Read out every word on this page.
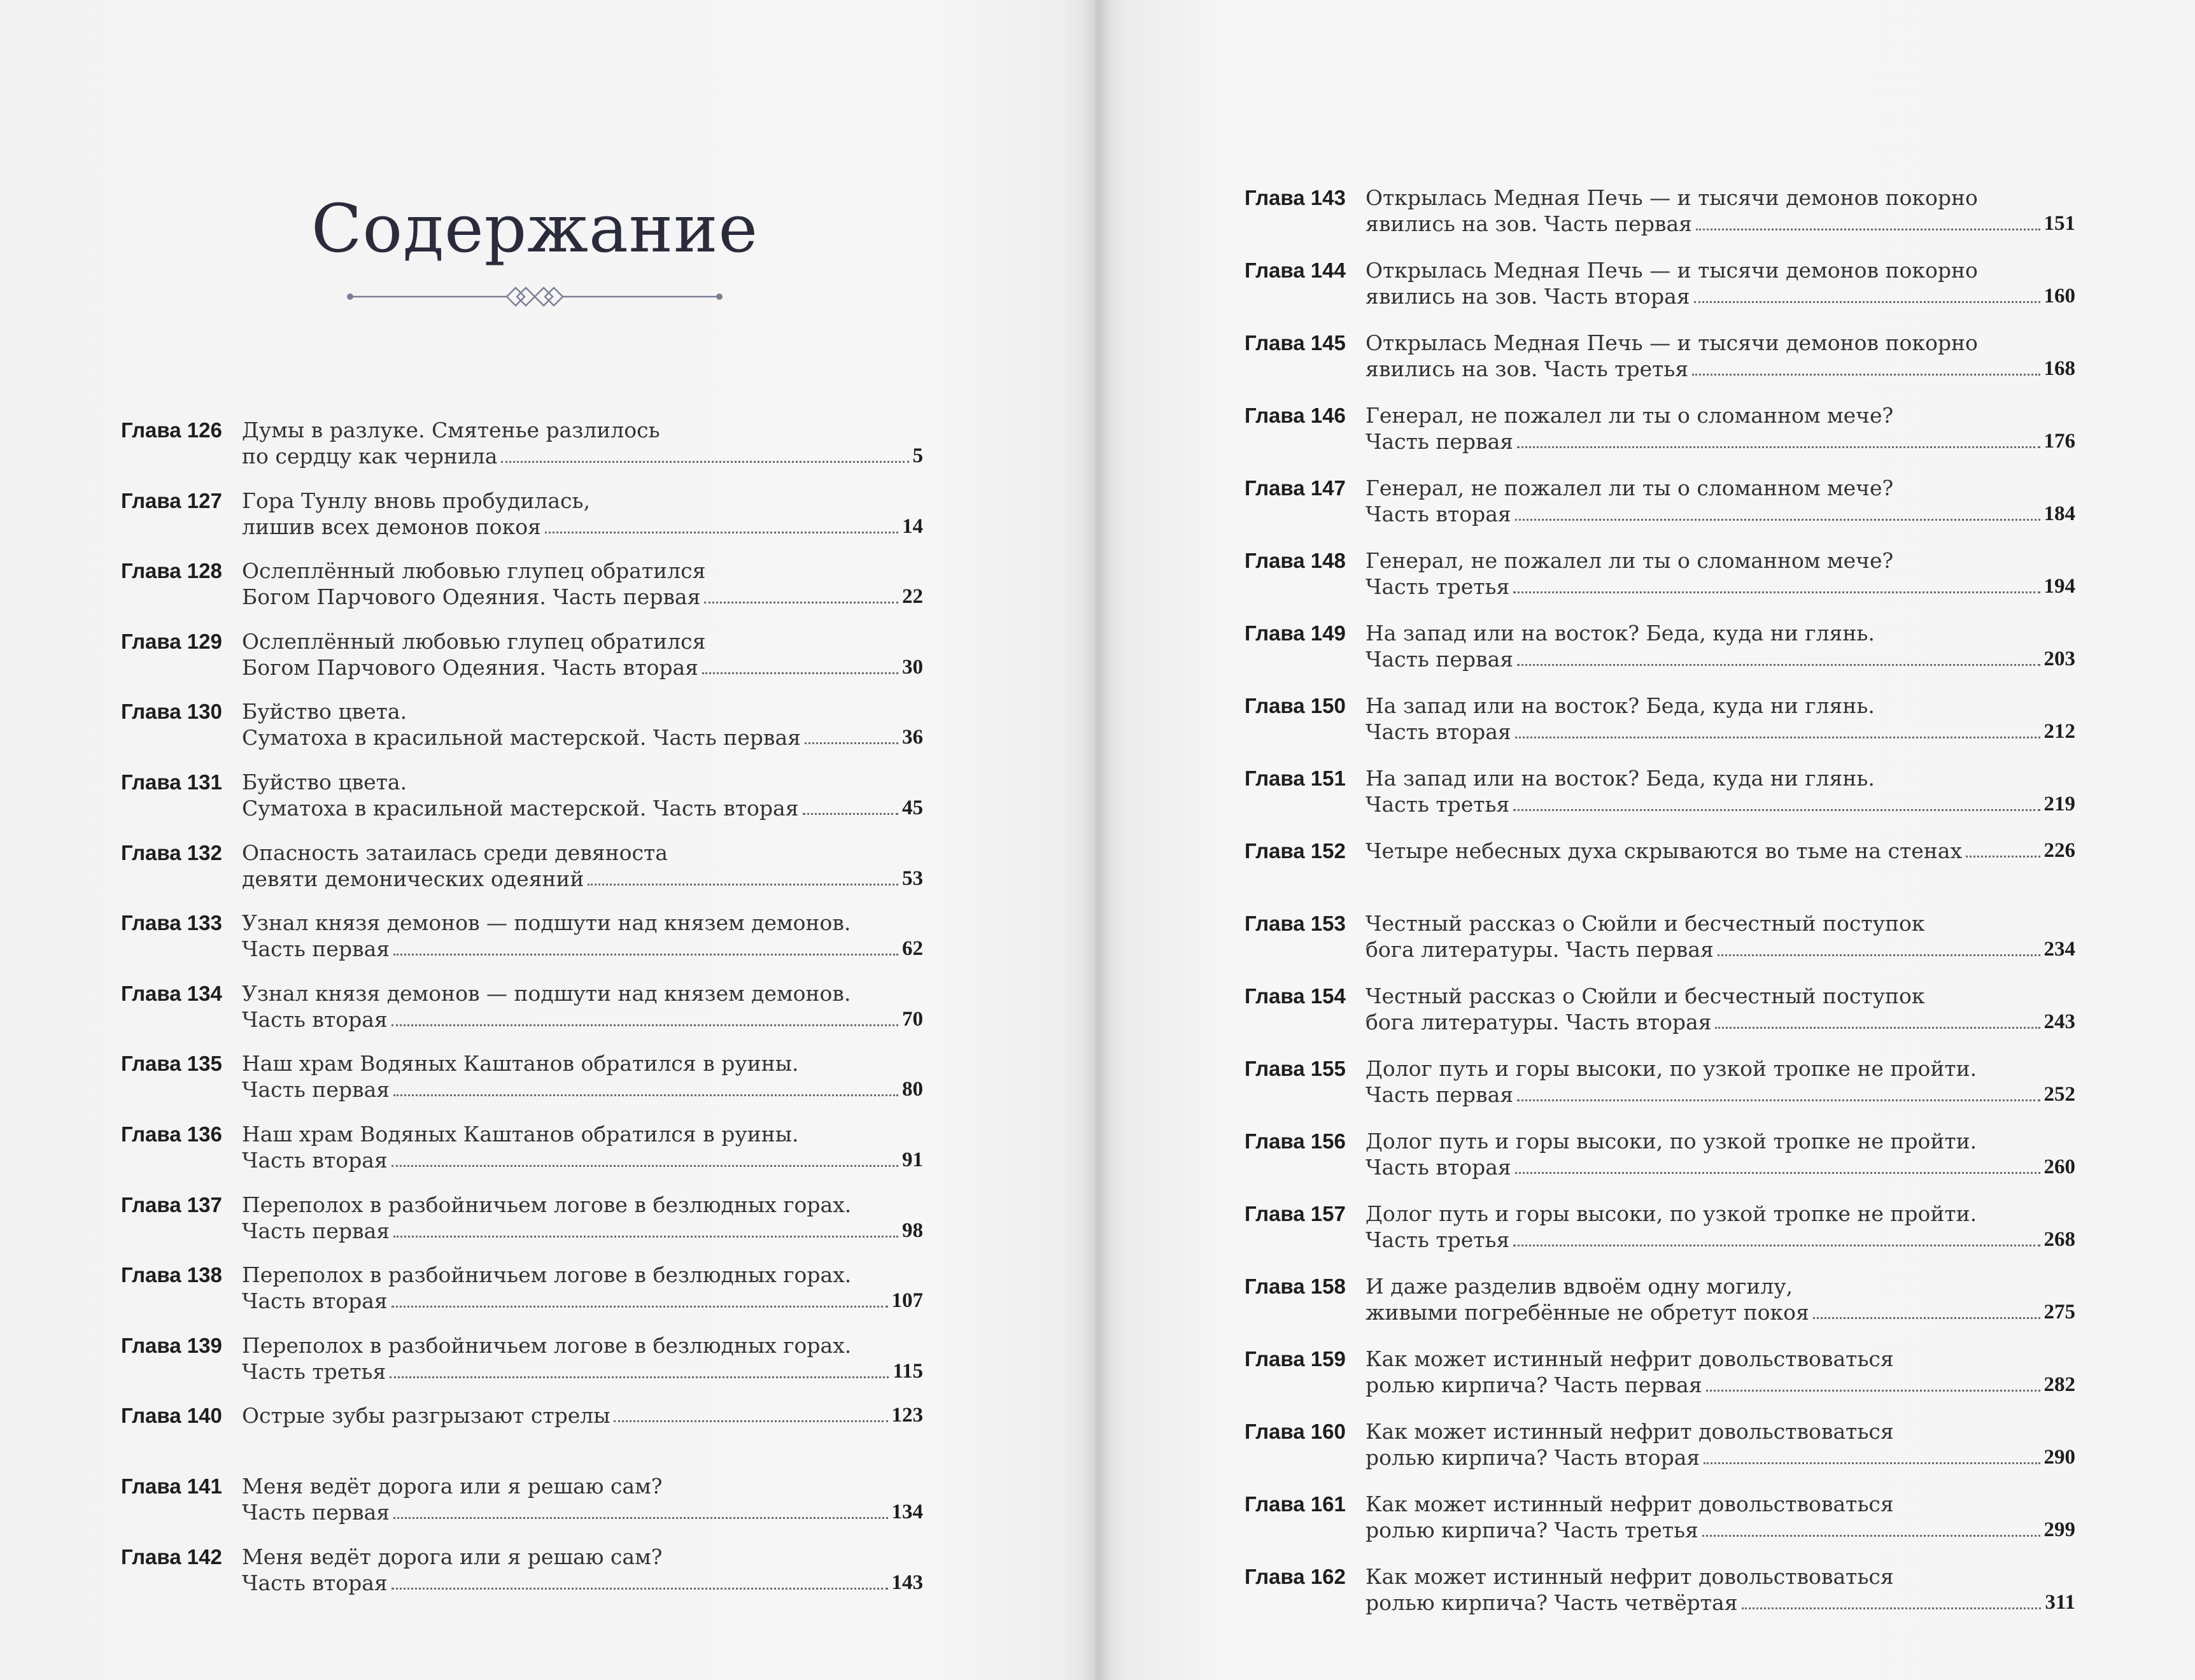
Содержание
Глава 126 Думы в разлуке. Смятенье разлилось
по сердцу как чернила	5
Глава 127 Гора Тунлу вновь пробудилась,
лишив всех демонов покоя	14
Глава 128 Ослеплённый любовью глупец обратился
Богом Парчового Одеяния. Часть первая	22
Глава 129 Ослеплённый любовью глупец обратился
Богом Парчового Одеяния. Часть вторая	30
Глава 130 Буйство цвета.
Суматоха в красильной мастерской. Часть первая	36
Глава 131 Буйство цвета.
Суматоха в красильной мастерской. Часть вторая	45
Глава 132 Опасность затаилась среди девяноста
девяти демонических одеяний	53
Глава 133 Узнал князя демонов — подшути над князем демонов.
Часть первая	62
Глава 134 Узнал князя демонов — подшути над князем демонов.
Часть вторая	70
Глава 135 Наш храм Водяных Каштанов обратился в руины.
Часть первая	80
Глава 136 Наш храм Водяных Каштанов обратился в руины.
Часть вторая	91
Глава 137 Переполох в разбойничьем логове в безлюдных горах.
Часть первая	98
Глава 138 Переполох в разбойничьем логове в безлюдных горах.
Часть вторая	107
Глава 139 Переполох в разбойничьем логове в безлюдных горах.
Часть третья	115
Глава 140 Острые зубы разгрызают стрелы	123
Глава 141 Меня ведёт дорога или я решаю сам?
Часть первая	134
Глава 142 Меня ведёт дорога или я решаю сам?
Часть вторая	143
Глава 143 Открылась Медная Печь — и тысячи демонов покорно
явились на зов. Часть первая	151
Глава 144 Открылась Медная Печь — и тысячи демонов покорно
явились на зов. Часть вторая	160
Глава 145 Открылась Медная Печь — и тысячи демонов покорно
явились на зов. Часть третья	168
Глава 146 Генерал, не пожалел ли ты о сломанном мече?
Часть первая	176
Глава 147 Генерал, не пожалел ли ты о сломанном мече?
Часть вторая	184
Глава 148 Генерал, не пожалел ли ты о сломанном мече?
Часть третья	194
Глава 149 На запад или на восток? Беда, куда ни глянь.
Часть первая	203
Глава 150 На запад или на восток? Беда, куда ни глянь.
Часть вторая	212
Глава 151 На запад или на восток? Беда, куда ни глянь.
Часть третья	219
Глава 152 Четыре небесных духа скрываются во тьме на стенах	226
Глава 153 Честный рассказ о Сюйли и бесчестный поступок
бога литературы. Часть первая	234
Глава 154 Честный рассказ о Сюйли и бесчестный поступок
бога литературы. Часть вторая	243
Глава 155 Долог путь и горы высоки, по узкой тропке не пройти.
Часть первая	252
Глава 156 Долог путь и горы высоки, по узкой тропке не пройти.
Часть вторая	260
Глава 157 Долог путь и горы высоки, по узкой тропке не пройти.
Часть третья	268
Глава 158 И даже разделив вдвоём одну могилу,
живыми погребённые не обретут покоя	275
Глава 159 Как может истинный нефрит довольствоваться
ролью кирпича? Часть первая	282
Глава 160 Как может истинный нефрит довольствоваться
ролью кирпича? Часть вторая	290
Глава 161 Как может истинный нефрит довольствоваться
ролью кирпича? Часть третья	299
Глава 162 Как может истинный нефрит довольствоваться
ролью кирпича? Часть четвёртая	311
